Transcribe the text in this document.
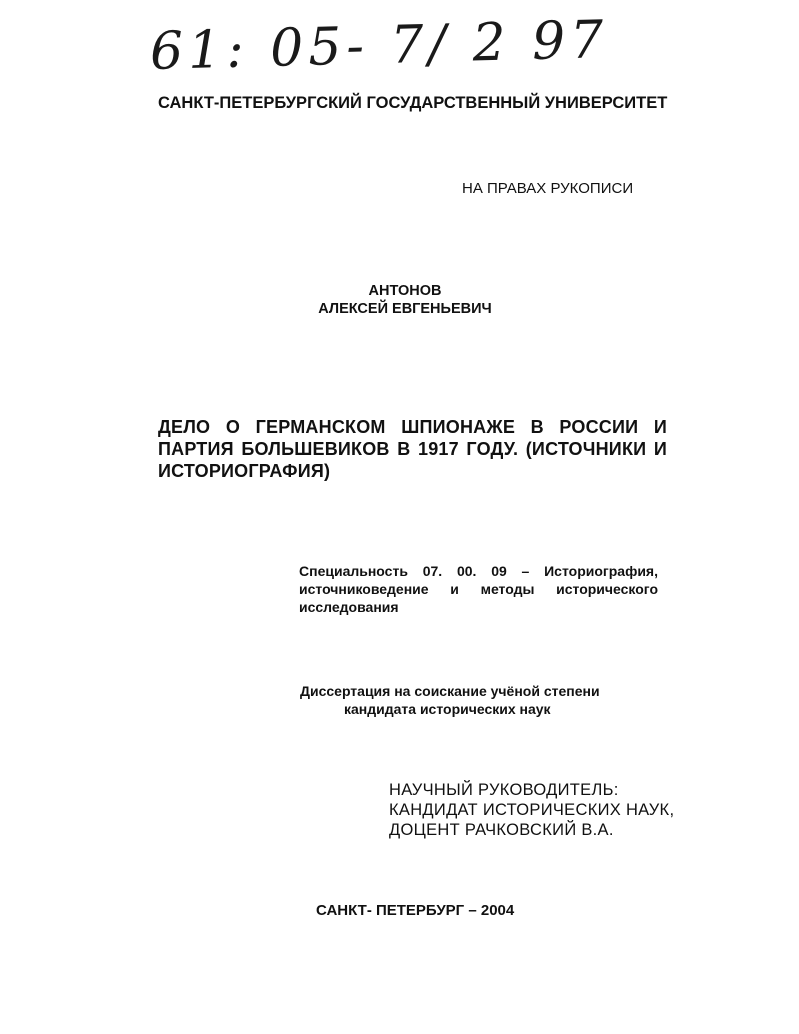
61: 05- 7/ 2 97
САНКТ-ПЕТЕРБУРГСКИЙ ГОСУДАРСТВЕННЫЙ УНИВЕРСИТЕТ
НА ПРАВАХ РУКОПИСИ
АНТОНОВ
АЛЕКСЕЙ ЕВГЕНЬЕВИЧ
ДЕЛО О ГЕРМАНСКОМ ШПИОНАЖЕ В РОССИИ И ПАРТИЯ БОЛЬШЕВИКОВ В 1917 ГОДУ. (ИСТОЧНИКИ И ИСТОРИОГРАФИЯ)
Специальность 07. 00. 09 – Историография, источниковедение и методы исторического исследования
Диссертация на соискание учёной степени
кандидата исторических наук
НАУЧНЫЙ РУКОВОДИТЕЛЬ:
КАНДИДАТ ИСТОРИЧЕСКИХ НАУК,
ДОЦЕНТ РАЧКОВСКИЙ В.А.
САНКТ- ПЕТЕРБУРГ – 2004
